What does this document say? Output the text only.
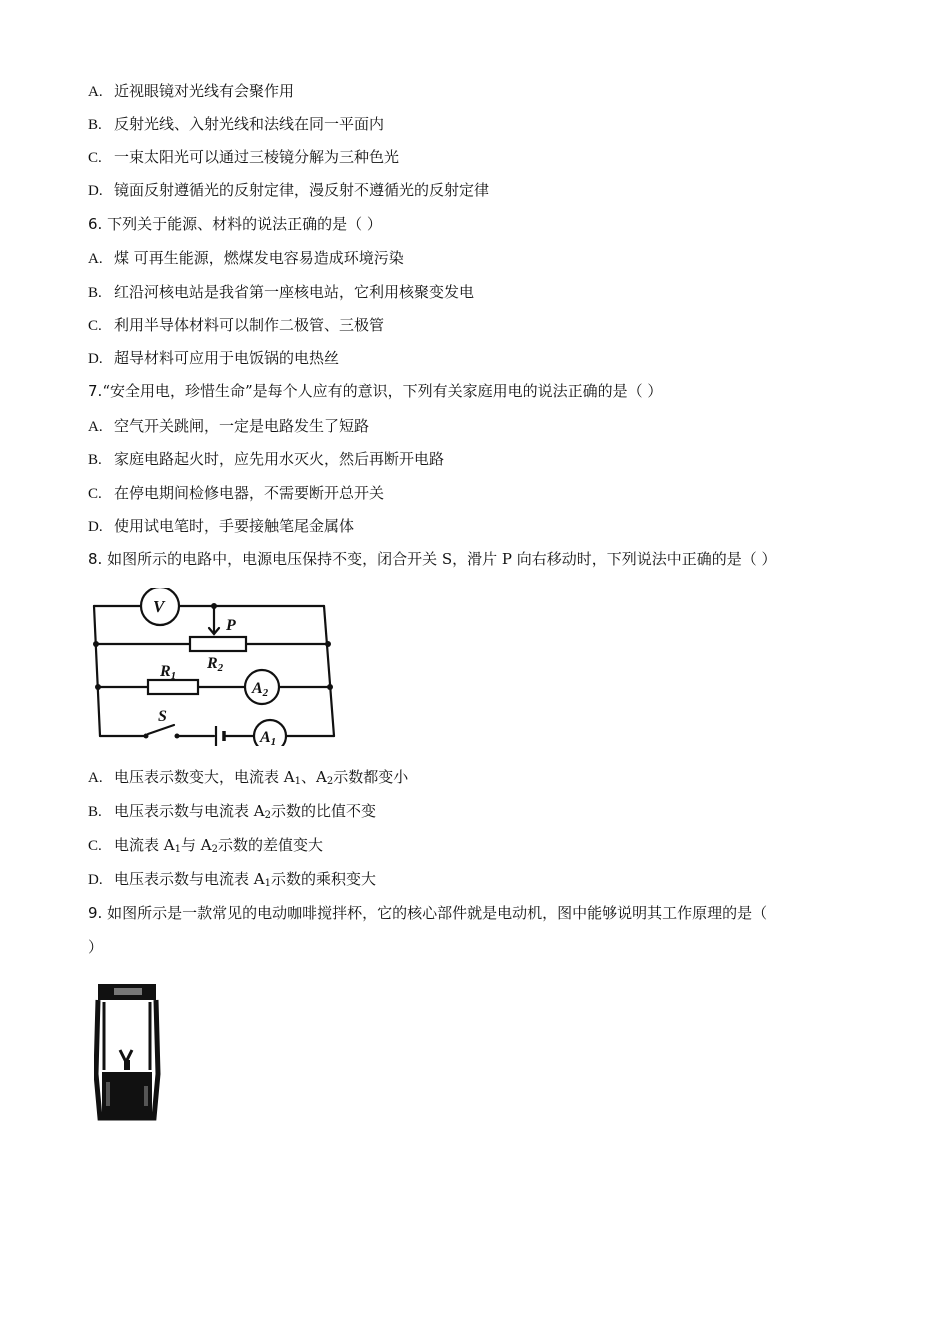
A. 近视眼镜对光线有会聚作用
B. 反射光线、入射光线和法线在同一平面内
C. 一束太阳光可以通过三棱镜分解为三种色光
D. 镜面反射遵循光的反射定律，漫反射不遵循光的反射定律
6. 下列关于能源、材料的说法正确的是（ ）
A. 煤 可再生能源，燃煤发电容易造成环境污染
B. 红沿河核电站是我省第一座核电站，它利用核聚变发电
C. 利用半导体材料可以制作二极管、三极管
D. 超导材料可应用于电饭锅的电热丝
7.“安全用电，珍惜生命”是每个人应有的意识，下列有关家庭用电的说法正确的是（ ）
A. 空气开关跳闸，一定是电路发生了短路
B. 家庭电路起火时，应先用水灭火，然后再断开电路
C. 在停电期间检修电器，不需要断开总开关
D. 使用试电笔时，手要接触笔尾金属体
8. 如图所示的电路中，电源电压保持不变，闭合开关 S，滑片 P 向右移动时，下列说法中正确的是（ ）
V
P
R2
R1
A2
S
A1
A. 电压表示数变大，电流表 $A_1$、$A_2$示数都变小
B. 电压表示数与电流表 $A_2$示数的比值不变
C. 电流表 $A_1$与 $A_2$示数的差值变大
D. 电压表示数与电流表 $A_1$示数的乘积变大
9. 如图所示是一款常见的电动咖啡搅拌杯，它的核心部件就是电动机，图中能够说明其工作原理的是（
）
